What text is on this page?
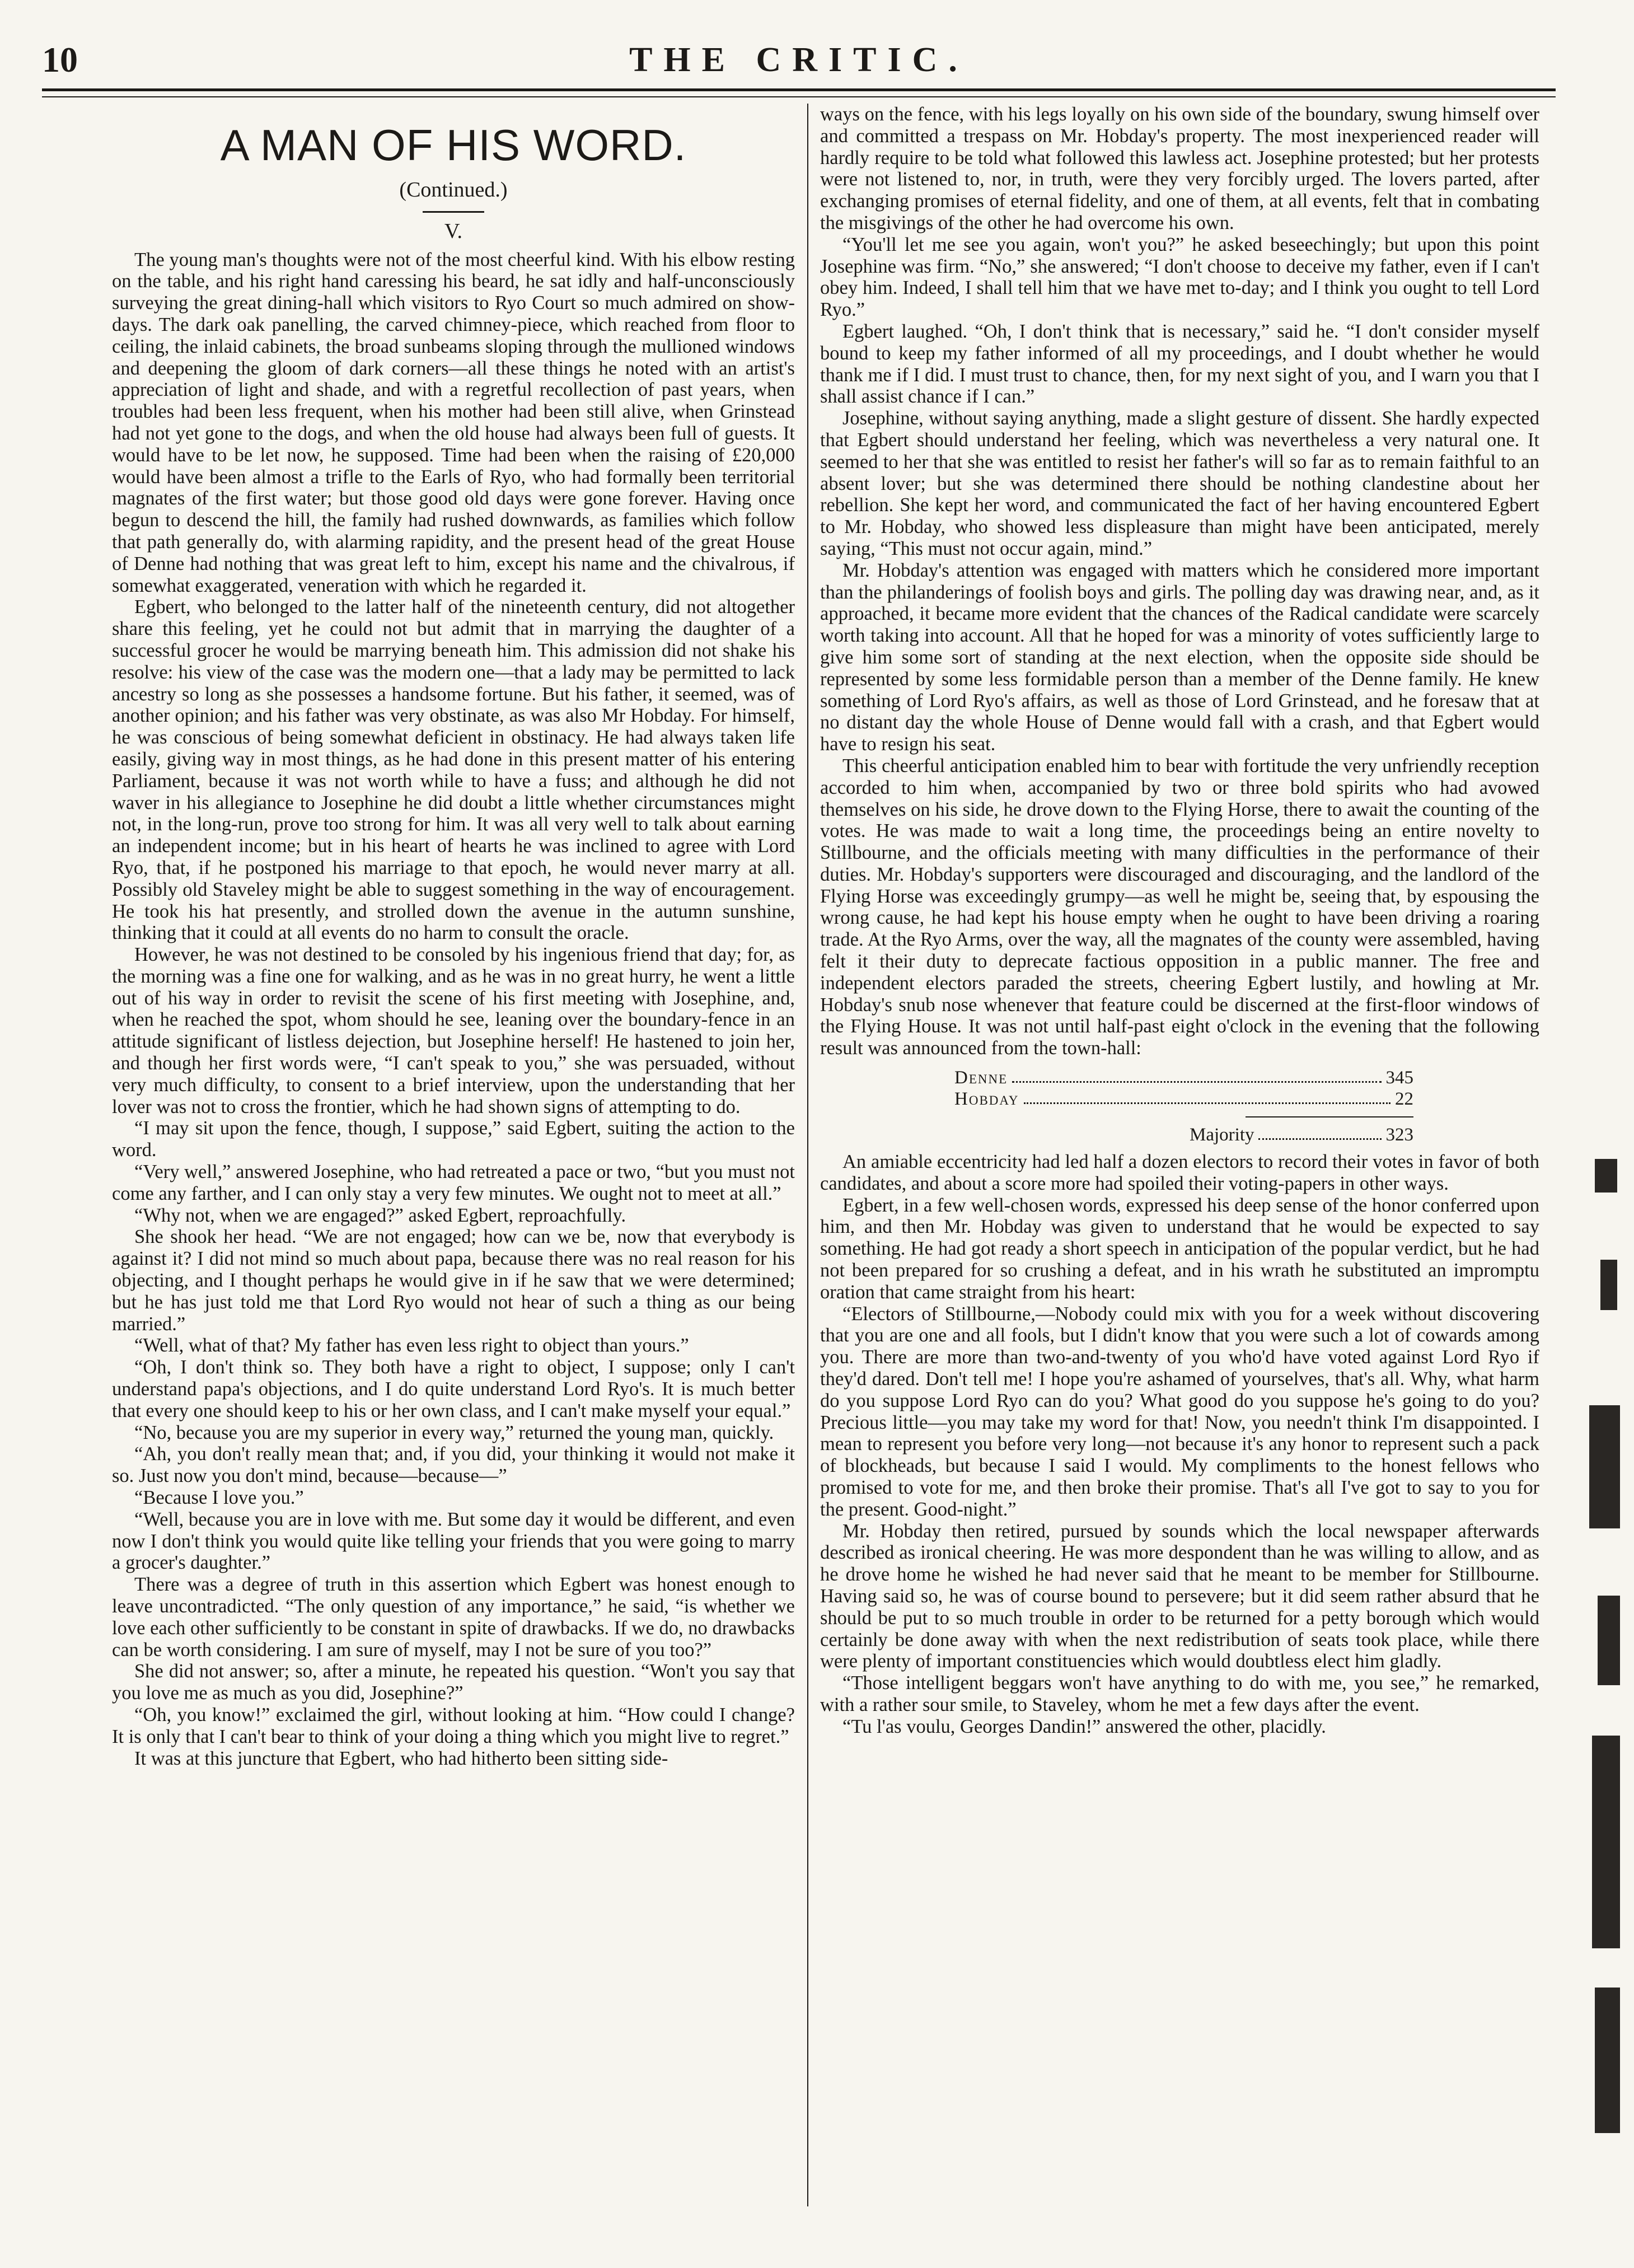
10	THE CRITIC.
A MAN OF HIS WORD.
(Continued.)
V.

The young man's thoughts were not of the most cheerful kind. With his elbow resting on the table, and his right hand caressing his beard, he sat idly and half-unconsciously surveying the great dining-hall which visitors to Ryo Court so much admired on show-days. The dark oak panelling, the carved chimney-piece, which reached from floor to ceiling, the inlaid cabinets, the broad sunbeams sloping through the mullioned windows and deepening the gloom of dark corners—all these things he noted with an artist's appreciation of light and shade, and with a regretful recollection of past years, when troubles had been less frequent, when his mother had been still alive, when Grinstead had not yet gone to the dogs, and when the old house had always been full of guests. It would have to be let now, he supposed. Time had been when the raising of £20,000 would have been almost a trifle to the Earls of Ryo, who had formally been territorial magnates of the first water; but those good old days were gone forever. Having once begun to descend the hill, the family had rushed downwards, as families which follow that path generally do, with alarming rapidity, and the present head of the great House of Denne had nothing that was great left to him, except his name and the chivalrous, if somewhat exaggerated, veneration with which he regarded it.

Egbert, who belonged to the latter half of the nineteenth century, did not altogether share this feeling, yet he could not but admit that in marrying the daughter of a successful grocer he would be marrying beneath him. This admission did not shake his resolve: his view of the case was the modern one—that a lady may be permitted to lack ancestry so long as she possesses a handsome fortune. But his father, it seemed, was of another opinion; and his father was very obstinate, as was also Mr Hobday. For himself, he was conscious of being somewhat deficient in obstinacy. He had always taken life easily, giving way in most things, as he had done in this present matter of his entering Parliament, because it was not worth while to have a fuss; and although he did not waver in his allegiance to Josephine he did doubt a little whether circumstances might not, in the long-run, prove too strong for him. It was all very well to talk about earning an independent income; but in his heart of hearts he was inclined to agree with Lord Ryo, that, if he postponed his marriage to that epoch, he would never marry at all. Possibly old Staveley might be able to suggest something in the way of encouragement. He took his hat presently, and strolled down the avenue in the autumn sunshine, thinking that it could at all events do no harm to consult the oracle.

However, he was not destined to be consoled by his ingenious friend that day; for, as the morning was a fine one for walking, and as he was in no great hurry, he went a little out of his way in order to revisit the scene of his first meeting with Josephine, and, when he reached the spot, whom should he see, leaning over the boundary-fence in an attitude significant of listless dejection, but Josephine herself! He hastened to join her, and though her first words were, “I can't speak to you,” she was persuaded, without very much difficulty, to consent to a brief interview, upon the understanding that her lover was not to cross the frontier, which he had shown signs of attempting to do.

“I may sit upon the fence, though, I suppose,” said Egbert, suiting the action to the word.

“Very well,” answered Josephine, who had retreated a pace or two, “but you must not come any farther, and I can only stay a very few minutes. We ought not to meet at all.”

“Why not, when we are engaged?” asked Egbert, reproachfully.

She shook her head. “We are not engaged; how can we be, now that everybody is against it? I did not mind so much about papa, because there was no real reason for his objecting, and I thought perhaps he would give in if he saw that we were determined; but he has just told me that Lord Ryo would not hear of such a thing as our being married.”

“Well, what of that? My father has even less right to object than yours.”

“Oh, I don't think so. They both have a right to object, I suppose; only I can't understand papa's objections, and I do quite understand Lord Ryo's. It is much better that every one should keep to his or her own class, and I can't make myself your equal.”

“No, because you are my superior in every way,” returned the young man, quickly.

“Ah, you don't really mean that; and, if you did, your thinking it would not make it so. Just now you don't mind, because—because—”

“Because I love you.”

“Well, because you are in love with me. But some day it would be different, and even now I don't think you would quite like telling your friends that you were going to marry a grocer's daughter.”

There was a degree of truth in this assertion which Egbert was honest enough to leave uncontradicted. “The only question of any importance,” he said, “is whether we love each other sufficiently to be constant in spite of drawbacks. If we do, no drawbacks can be worth considering. I am sure of myself, may I not be sure of you too?”

She did not answer; so, after a minute, he repeated his question. “Won't you say that you love me as much as you did, Josephine?”

“Oh, you know!” exclaimed the girl, without looking at him. “How could I change? It is only that I can't bear to think of your doing a thing which you might live to regret.”

It was at this juncture that Egbert, who had hitherto been sitting side-

ways on the fence, with his legs loyally on his own side of the boundary, swung himself over and committed a trespass on Mr. Hobday's property. The most inexperienced reader will hardly require to be told what followed this lawless act. Josephine protested; but her protests were not listened to, nor, in truth, were they very forcibly urged. The lovers parted, after exchanging promises of eternal fidelity, and one of them, at all events, felt that in combating the misgivings of the other he had overcome his own.

“You'll let me see you again, won't you?” he asked beseechingly; but upon this point Josephine was firm. “No,” she answered; “I don't choose to deceive my father, even if I can't obey him. Indeed, I shall tell him that we have met to-day; and I think you ought to tell Lord Ryo.”

Egbert laughed. “Oh, I don't think that is necessary,” said he. “I don't consider myself bound to keep my father informed of all my proceedings, and I doubt whether he would thank me if I did. I must trust to chance, then, for my next sight of you, and I warn you that I shall assist chance if I can.”

Josephine, without saying anything, made a slight gesture of dissent. She hardly expected that Egbert should understand her feeling, which was nevertheless a very natural one. It seemed to her that she was entitled to resist her father's will so far as to remain faithful to an absent lover; but she was determined there should be nothing clandestine about her rebellion. She kept her word, and communicated the fact of her having encountered Egbert to Mr. Hobday, who showed less displeasure than might have been anticipated, merely saying, “This must not occur again, mind.”

Mr. Hobday's attention was engaged with matters which he considered more important than the philanderings of foolish boys and girls. The polling day was drawing near, and, as it approached, it became more evident that the chances of the Radical candidate were scarcely worth taking into account. All that he hoped for was a minority of votes sufficiently large to give him some sort of standing at the next election, when the opposite side should be represented by some less formidable person than a member of the Denne family. He knew something of Lord Ryo's affairs, as well as those of Lord Grinstead, and he foresaw that at no distant day the whole House of Denne would fall with a crash, and that Egbert would have to resign his seat.

This cheerful anticipation enabled him to bear with fortitude the very unfriendly reception accorded to him when, accompanied by two or three bold spirits who had avowed themselves on his side, he drove down to the Flying Horse, there to await the counting of the votes. He was made to wait a long time, the proceedings being an entire novelty to Stillbourne, and the officials meeting with many difficulties in the performance of their duties. Mr. Hobday's supporters were discouraged and discouraging, and the landlord of the Flying Horse was exceedingly grumpy—as well he might be, seeing that, by espousing the wrong cause, he had kept his house empty when he ought to have been driving a roaring trade. At the Ryo Arms, over the way, all the magnates of the county were assembled, having felt it their duty to deprecate factious opposition in a public manner. The free and independent electors paraded the streets, cheering Egbert lustily, and howling at Mr. Hobday's snub nose whenever that feature could be discerned at the first-floor windows of the Flying House. It was not until half-past eight o'clock in the evening that the following result was announced from the town-hall:

Denne	345
Hobday	22
Majority	323

An amiable eccentricity had led half a dozen electors to record their votes in favor of both candidates, and about a score more had spoiled their voting-papers in other ways.

Egbert, in a few well-chosen words, expressed his deep sense of the honor conferred upon him, and then Mr. Hobday was given to understand that he would be expected to say something. He had got ready a short speech in anticipation of the popular verdict, but he had not been prepared for so crushing a defeat, and in his wrath he substituted an impromptu oration that came straight from his heart:

“Electors of Stillbourne,—Nobody could mix with you for a week without discovering that you are one and all fools, but I didn't know that you were such a lot of cowards among you. There are more than two-and-twenty of you who'd have voted against Lord Ryo if they'd dared. Don't tell me! I hope you're ashamed of yourselves, that's all. Why, what harm do you suppose Lord Ryo can do you? What good do you suppose he's going to do you? Precious little—you may take my word for that! Now, you needn't think I'm disappointed. I mean to represent you before very long—not because it's any honor to represent such a pack of blockheads, but because I said I would. My compliments to the honest fellows who promised to vote for me, and then broke their promise. That's all I've got to say to you for the present. Good-night.”

Mr. Hobday then retired, pursued by sounds which the local newspaper afterwards described as ironical cheering. He was more despondent than he was willing to allow, and as he drove home he wished he had never said that he meant to be member for Stillbourne. Having said so, he was of course bound to persevere; but it did seem rather absurd that he should be put to so much trouble in order to be returned for a petty borough which would certainly be done away with when the next redistribution of seats took place, while there were plenty of important constituencies which would doubtless elect him gladly.

“Those intelligent beggars won't have anything to do with me, you see,” he remarked, with a rather sour smile, to Staveley, whom he met a few days after the event.

“Tu l'as voulu, Georges Dandin!” answered the other, placidly.
